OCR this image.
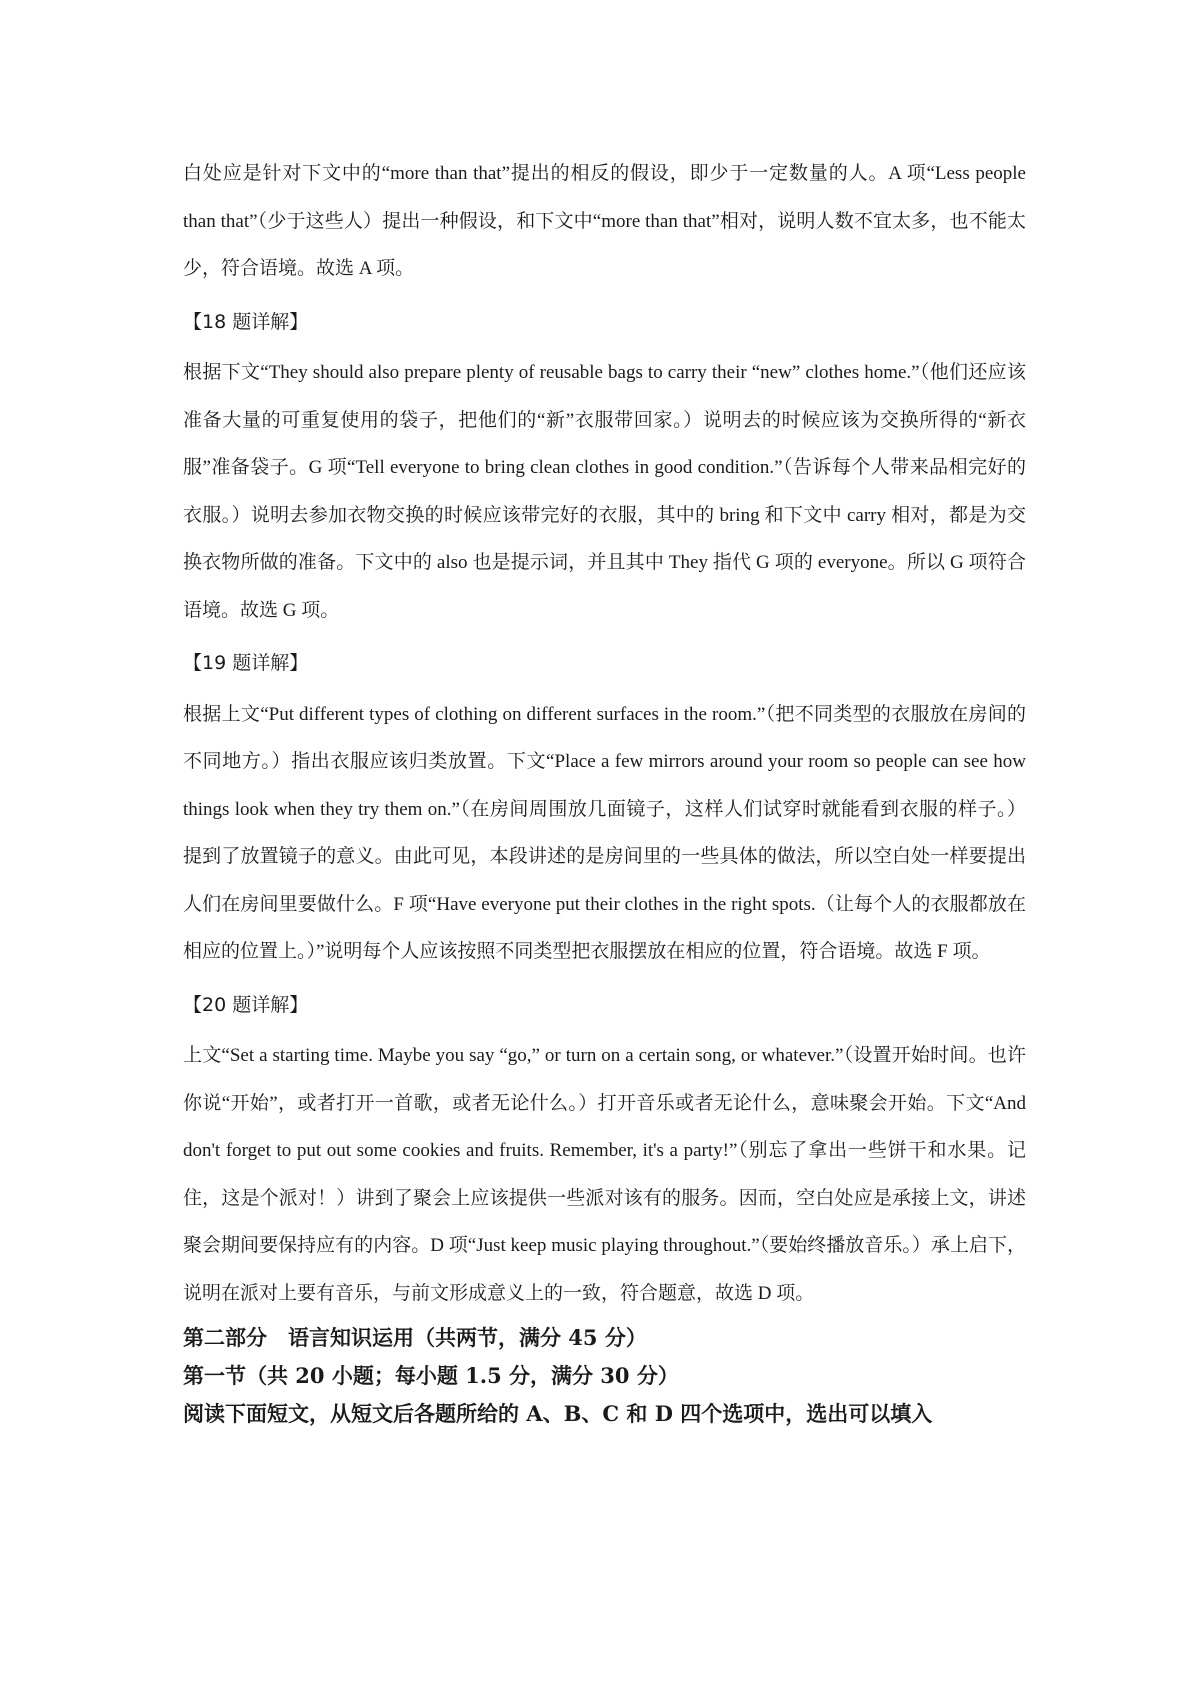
白处应是针对下文中的“more than that”提出的相反的假设，即少于一定数量的人。A 项“Less people than that”（少于这些人）提出一种假设，和下文中“more than that”相对，说明人数不宜太多，也不能太少，符合语境。故选 A 项。

【18 题详解】

根据下文“They should also prepare plenty of reusable bags to carry their “new” clothes home.”（他们还应该准备大量的可重复使用的袋子，把他们的“新”衣服带回家。）说明去的时候应该为交换所得的“新衣服”准备袋子。G 项“Tell everyone to bring clean clothes in good condition.”（告诉每个人带来品相完好的衣服。）说明去参加衣物交换的时候应该带完好的衣服，其中的 bring 和下文中 carry 相对，都是为交换衣物所做的准备。下文中的 also 也是提示词，并且其中 They 指代 G 项的 everyone。所以 G 项符合语境。故选 G 项。

【19 题详解】

根据上文“Put different types of clothing on different surfaces in the room.”（把不同类型的衣服放在房间的不同地方。）指出衣服应该归类放置。下文“Place a few mirrors around your room so people can see how things look when they try them on.”（在房间周围放几面镜子，这样人们试穿时就能看到衣服的样子。）提到了放置镜子的意义。由此可见，本段讲述的是房间里的一些具体的做法，所以空白处一样要提出人们在房间里要做什么。F 项“Have everyone put their clothes in the right spots.（让每个人的衣服都放在相应的位置上。）”说明每个人应该按照不同类型把衣服摆放在相应的位置，符合语境。故选 F 项。

【20 题详解】

上文“Set a starting time. Maybe you say “go,” or turn on a certain song, or whatever.”（设置开始时间。也许你说“开始”，或者打开一首歌，或者无论什么。）打开音乐或者无论什么，意味聚会开始。下文“And don't forget to put out some cookies and fruits. Remember, it's a party!”（别忘了拿出一些饼干和水果。记住，这是个派对！）讲到了聚会上应该提供一些派对该有的服务。因而，空白处应是承接上文，讲述聚会期间要保持应有的内容。D 项“Just keep music playing throughout.”（要始终播放音乐。）承上启下，说明在派对上要有音乐，与前文形成意义上的一致，符合题意，故选 D 项。

第二部分　语言知识运用（共两节，满分 45 分）

第一节（共 20 小题；每小题 1.5 分，满分 30 分）

阅读下面短文，从短文后各题所给的 A、B、C 和 D 四个选项中，选出可以填入
